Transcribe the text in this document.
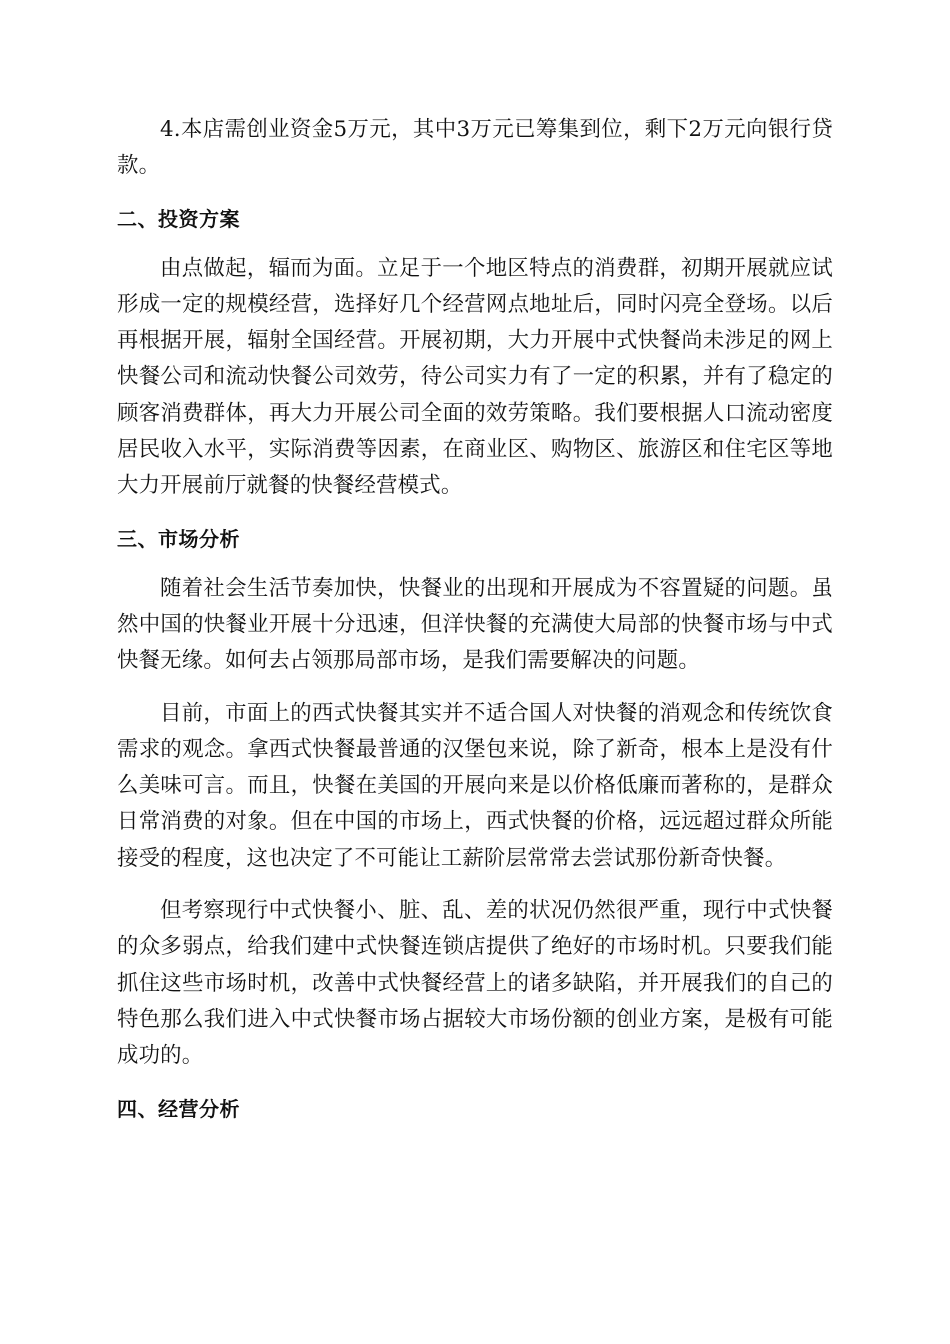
4.本店需创业资金5万元，其中3万元已筹集到位，剩下2万元向银行贷款。

二、投资方案

由点做起，辐而为面。立足于一个地区特点的消费群，初期开展就应试形成一定的规模经营，选择好几个经营网点地址后，同时闪亮全登场。以后再根据开展，辐射全国经营。开展初期，大力开展中式快餐尚未涉足的网上快餐公司和流动快餐公司效劳，待公司实力有了一定的积累，并有了稳定的顾客消费群体，再大力开展公司全面的效劳策略。我们要根据人口流动密度居民收入水平，实际消费等因素，在商业区、购物区、旅游区和住宅区等地大力开展前厅就餐的快餐经营模式。

三、市场分析

随着社会生活节奏加快，快餐业的出现和开展成为不容置疑的问题。虽然中国的快餐业开展十分迅速，但洋快餐的充满使大局部的快餐市场与中式快餐无缘。如何去占领那局部市场，是我们需要解决的问题。

目前，市面上的西式快餐其实并不适合国人对快餐的消观念和传统饮食需求的观念。拿西式快餐最普通的汉堡包来说，除了新奇，根本上是没有什么美味可言。而且，快餐在美国的开展向来是以价格低廉而著称的，是群众日常消费的对象。但在中国的市场上，西式快餐的价格，远远超过群众所能接受的程度，这也决定了不可能让工薪阶层常常去尝试那份新奇快餐。

但考察现行中式快餐小、脏、乱、差的状况仍然很严重，现行中式快餐的众多弱点，给我们建中式快餐连锁店提供了绝好的市场时机。只要我们能抓住这些市场时机，改善中式快餐经营上的诸多缺陷，并开展我们的自己的特色那么我们进入中式快餐市场占据较大市场份额的创业方案，是极有可能成功的。

四、经营分析
